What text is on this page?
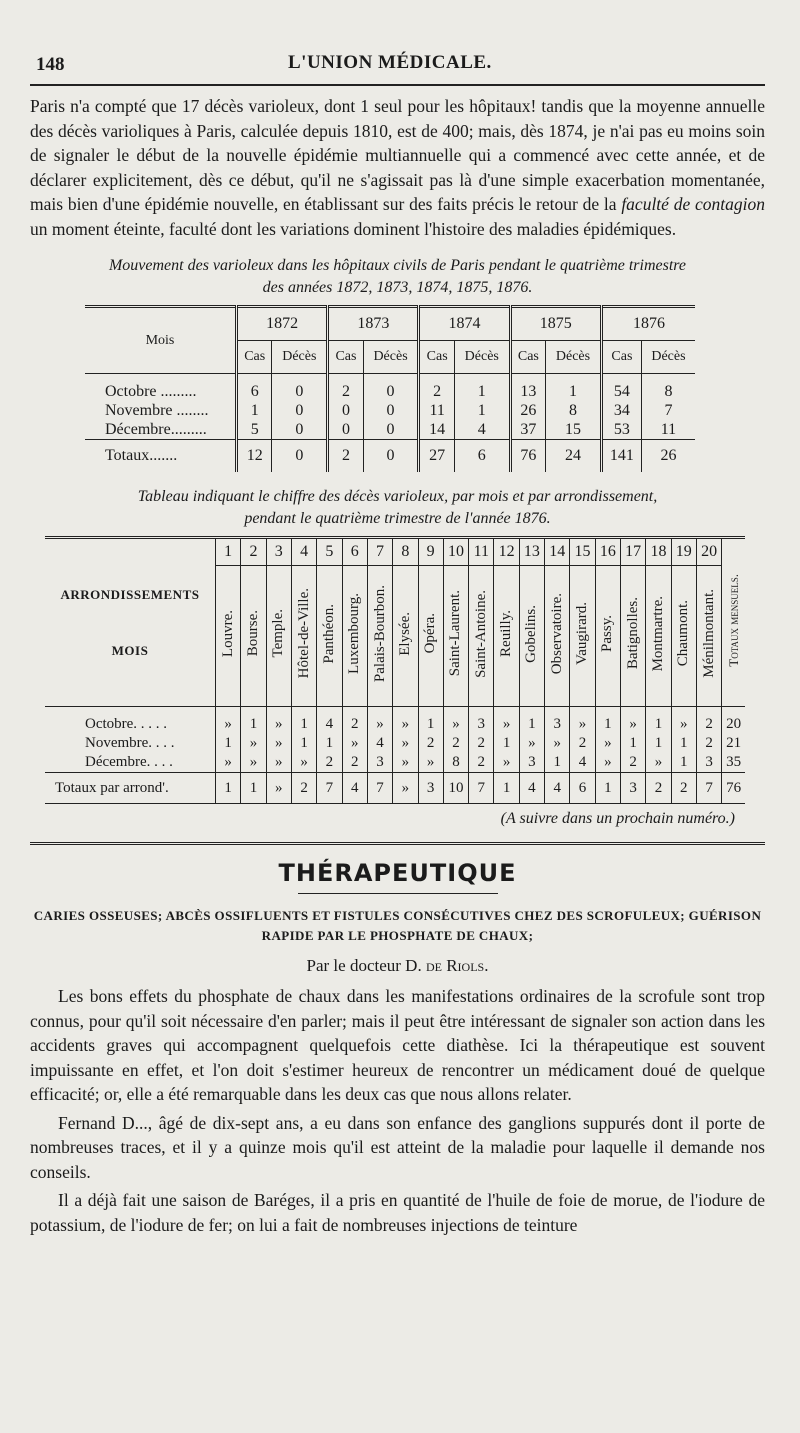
148	L'UNION MÉDICALE.

Paris n'a compté que 17 décès varioleux, dont 1 seul pour les hôpitaux! tandis que la moyenne annuelle des décès varioliques à Paris, calculée depuis 1810, est de 400; mais, dès 1874, je n'ai pas eu moins soin de signaler le début de la nouvelle épidémie multiannuelle qui a commencé avec cette année, et de déclarer explicitement, dès ce début, qu'il ne s'agissait pas là d'une simple exacerbation momentanée, mais bien d'une épidémie nouvelle, en établissant sur des faits précis le retour de la faculté de contagion un moment éteinte, faculté dont les variations dominent l'histoire des maladies épidémiques.

Mouvement des varioleux dans les hôpitaux civils de Paris pendant le quatrième trimestre
des années 1872, 1873, 1874, 1875, 1876.
Mois	1872		1873		1874		1875		1876	
	Cas	Décès	Cas	Décès	Cas	Décès	Cas	Décès	Cas	Décès

Octobre .........	6	0	2	0	2	1	13	1	54	8
Novembre ........	1	0	0	0	11	1	26	8	34	7
Décembre.........	5	0	0	0	14	4	37	15	53	11
Totaux.......	12	0	2	0	27	6	76	24	141	26
Tableau indiquant le chiffre des décès varioleux, par mois et par arrondissement,
pendant le quatrième trimestre de l'année 1876.
ARRONDISSEMENTS
MOIS	1	2	3	4	5	6	7	8	9	10	11	12	13	14	15	16	17	18	19	20	Totaux mensuels.
	Louvre.	Bourse.	Temple.	Hôtel-de-Ville.	Panthéon.	Luxembourg.	Palais-Bourbon.	Elysée.	Opéra.	Saint-Laurent.	Saint-Antoine.	Reuilly.	Gobelins.	Observatoire.	Vaugirard.	Passy.	Batignolles.	Montmartre.	Chaumont.	Ménilmontant.	

Octobre. . . . .	»	1	»	1	4	2	»	»	1	»	3	»	1	3	»	1	»	1	»	2	20
Novembre. . . .	1	»	»	1	1	»	4	»	2	2	2	1	»	»	2	»	1	1	1	2	21
Décembre. . . .	»	»	»	»	2	2	3	»	»	8	2	»	3	1	4	»	2	»	1	3	35
Totaux par arrond'.	1	1	»	2	7	4	7	»	3	10	7	1	4	4	6	1	3	2	2	7	76
(A suivre dans un prochain numéro.)
THÉRAPEUTIQUE
CARIES OSSEUSES; ABCÈS OSSIFLUENTS ET FISTULES CONSÉCUTIVES CHEZ DES SCROFULEUX; GUÉRISON RAPIDE PAR LE PHOSPHATE DE CHAUX;
Par le docteur D. de Riols.

Les bons effets du phosphate de chaux dans les manifestations ordinaires de la scrofule sont trop connus, pour qu'il soit nécessaire d'en parler; mais il peut être intéressant de signaler son action dans les accidents graves qui accompagnent quelquefois cette diathèse. Ici la thérapeutique est souvent impuissante en effet, et l'on doit s'estimer heureux de rencontrer un médicament doué de quelque efficacité; or, elle a été remarquable dans les deux cas que nous allons relater.

Fernand D..., âgé de dix-sept ans, a eu dans son enfance des ganglions suppurés dont il porte de nombreuses traces, et il y a quinze mois qu'il est atteint de la maladie pour laquelle il demande nos conseils.

Il a déjà fait une saison de Baréges, il a pris en quantité de l'huile de foie de morue, de l'iodure de potassium, de l'iodure de fer; on lui a fait de nombreuses injections de teinture
